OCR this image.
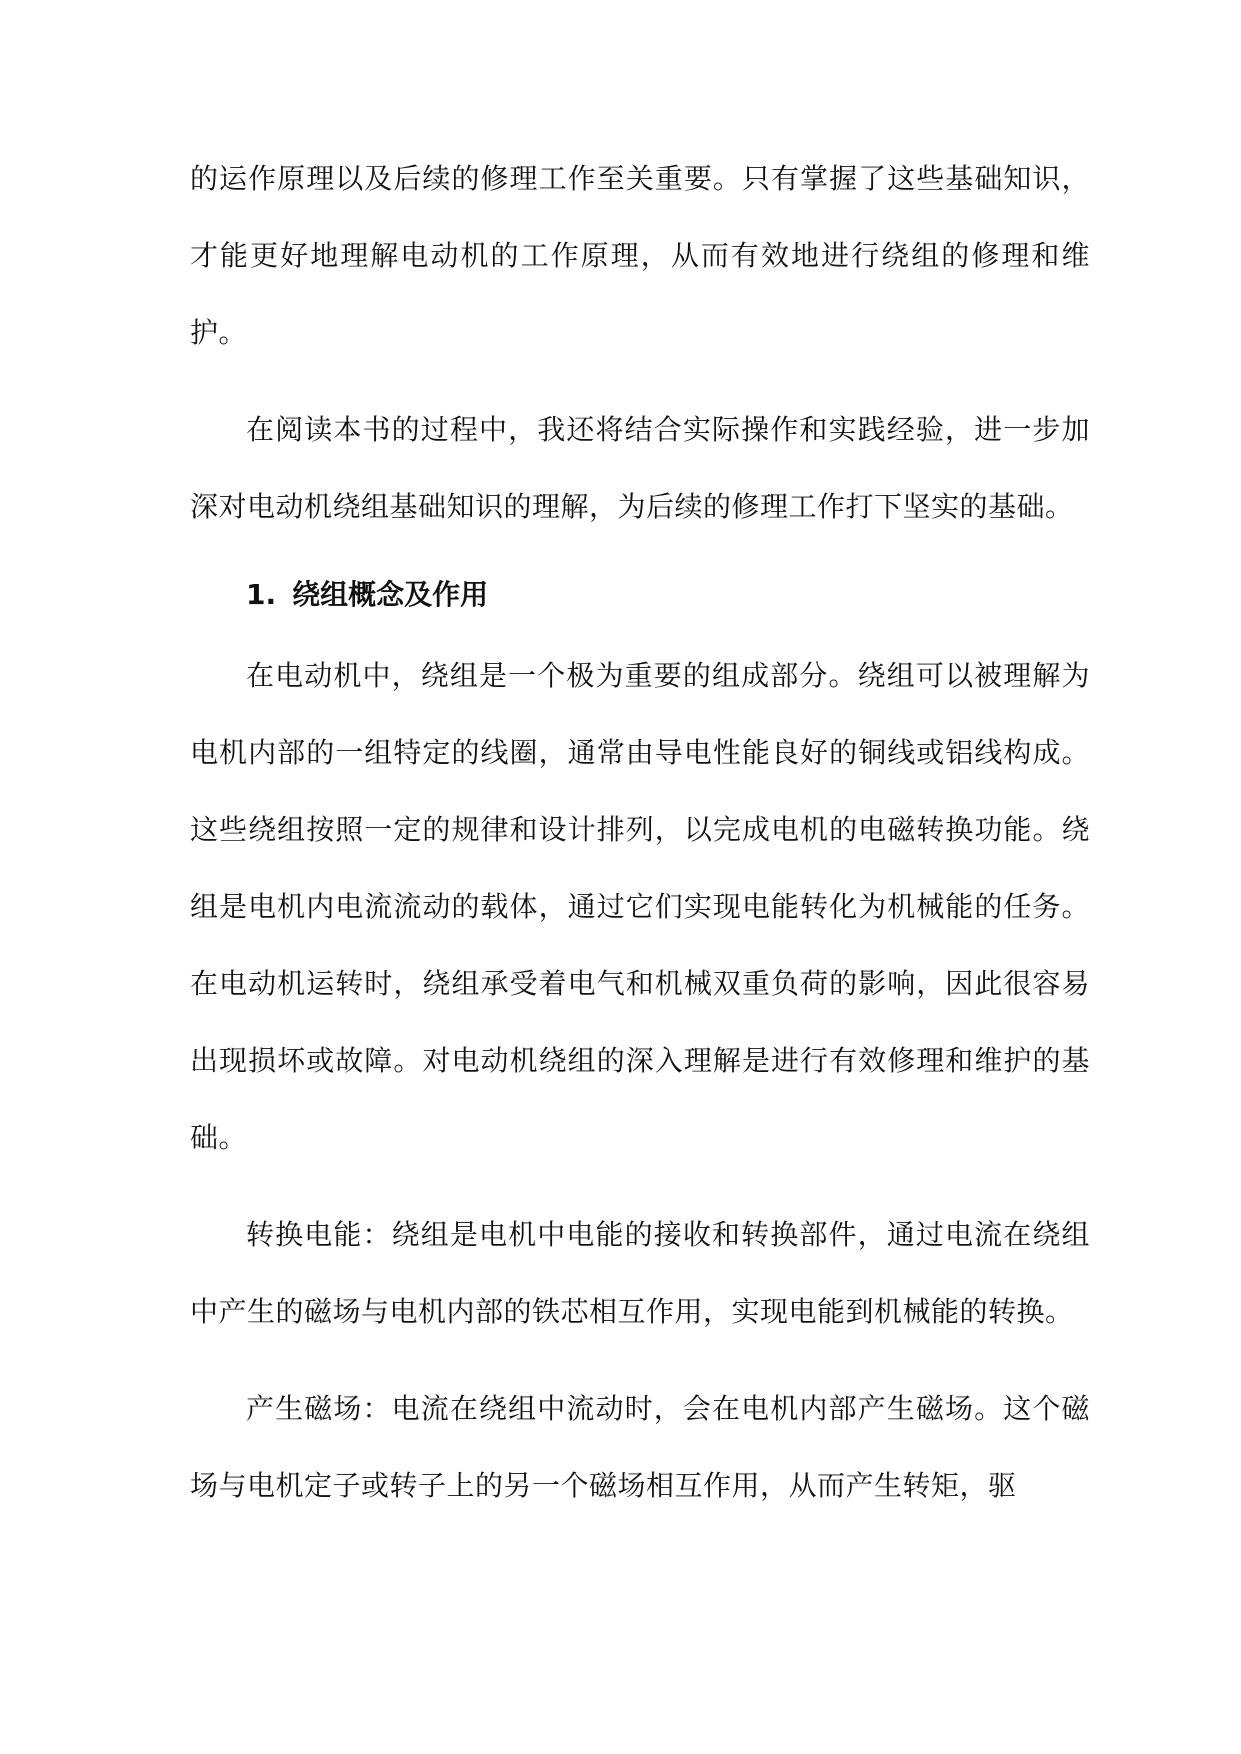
的运作原理以及后续的修理工作至关重要。只有掌握了这些基础知识，才能更好地理解电动机的工作原理，从而有效地进行绕组的修理和维护。

在阅读本书的过程中，我还将结合实际操作和实践经验，进一步加深对电动机绕组基础知识的理解，为后续的修理工作打下坚实的基础。

1. 绕组概念及作用

在电动机中，绕组是一个极为重要的组成部分。绕组可以被理解为电机内部的一组特定的线圈，通常由导电性能良好的铜线或铝线构成。这些绕组按照一定的规律和设计排列，以完成电机的电磁转换功能。绕组是电机内电流流动的载体，通过它们实现电能转化为机械能的任务。在电动机运转时，绕组承受着电气和机械双重负荷的影响，因此很容易出现损坏或故障。对电动机绕组的深入理解是进行有效修理和维护的基础。

转换电能：绕组是电机中电能的接收和转换部件，通过电流在绕组中产生的磁场与电机内部的铁芯相互作用，实现电能到机械能的转换。

产生磁场：电流在绕组中流动时，会在电机内部产生磁场。这个磁场与电机定子或转子上的另一个磁场相互作用，从而产生转矩，驱
